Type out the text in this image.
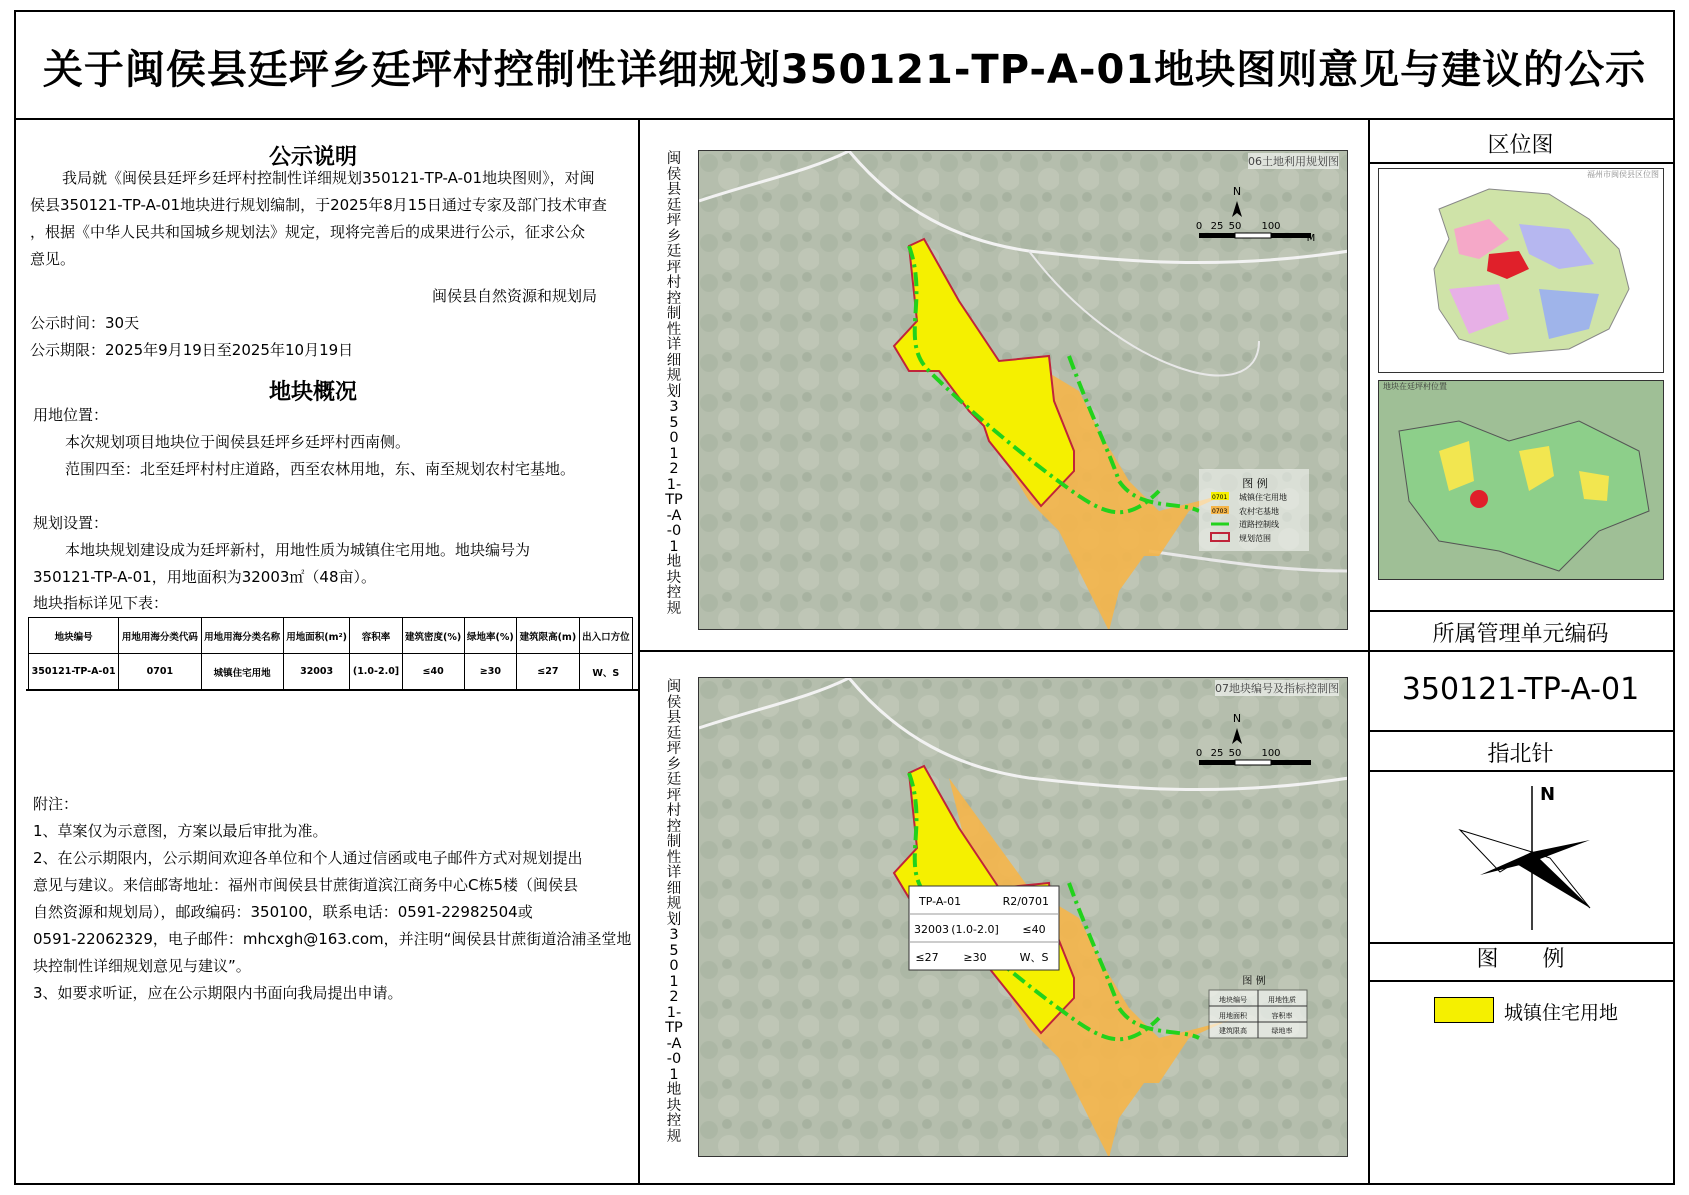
关于闽侯县廷坪乡廷坪村控制性详细规划350121-TP-A-01地块图则意见与建议的公示
公示说明
我局就《闽侯县廷坪乡廷坪村控制性详细规划350121-TP-A-01地块图则》，对闽
侯县350121-TP-A-01地块进行规划编制，于2025年8月15日通过专家及部门技术审查
，根据《中华人民共和国城乡规划法》规定，现将完善后的成果进行公示，征求公众
意见。
闽侯县自然资源和规划局
公示时间：30天
公示期限：2025年9月19日至2025年10月19日
地块概况
用地位置：
本次规划项目地块位于闽侯县廷坪乡廷坪村西南侧。
范围四至：北至廷坪村村庄道路，西至农林用地，东、南至规划农村宅基地。
规划设置：
本地块规划建设成为廷坪新村，用地性质为城镇住宅用地。地块编号为
350121-TP-A-01，用地面积为32003㎡（48亩）。
地块指标详见下表：
地块编号	用地用海分类代码	用地用海分类名称	用地面积(m²)	容积率	建筑密度(%)	绿地率(%)	建筑限高(m)	出入口方位
350121-TP-A-01	0701	城镇住宅用地	32003	(1.0-2.0]	≤40	≥30	≤27	W、S
附注：
1、草案仅为示意图，方案以最后审批为准。
2、在公示期限内，公示期间欢迎各单位和个人通过信函或电子邮件方式对规划提出
意见与建议。来信邮寄地址：福州市闽侯县甘蔗街道滨江商务中心C栋5楼（闽侯县
自然资源和规划局），邮政编码：350100，联系电话：0591-22982504或
0591-22062329，电子邮件：mhcxgh@163.com，并注明“闽侯县甘蔗街道洽浦圣堂地
块控制性详细规划意见与建议”。
3、如要求听证，应在公示期限内书面向我局提出申请。
闽侯县廷坪乡廷坪村控制性详细规划350121-TP-A-01地块控规
闽侯县廷坪乡廷坪村控制性详细规划350121-TP-A-01地块控规
0 25 50 100
M
N
图 例
0701 城镇住宅用地
0703 农村宅基地
道路控制线
规划范围
06土地利用规划图
0 25 50 100
N
TP-A-01	R2/0701
32003 (1.0-2.0] ≤40
≤27 ≥30	W、S
图 例
地块编号	用地性质
用地面积	容积率
建筑限高	绿地率
07地块编号及指标控制图
区位图
福州市闽侯县区位图
地块在廷坪村位置
所属管理单元编码
350121-TP-A-01
指北针
N
图　　例
城镇住宅用地
